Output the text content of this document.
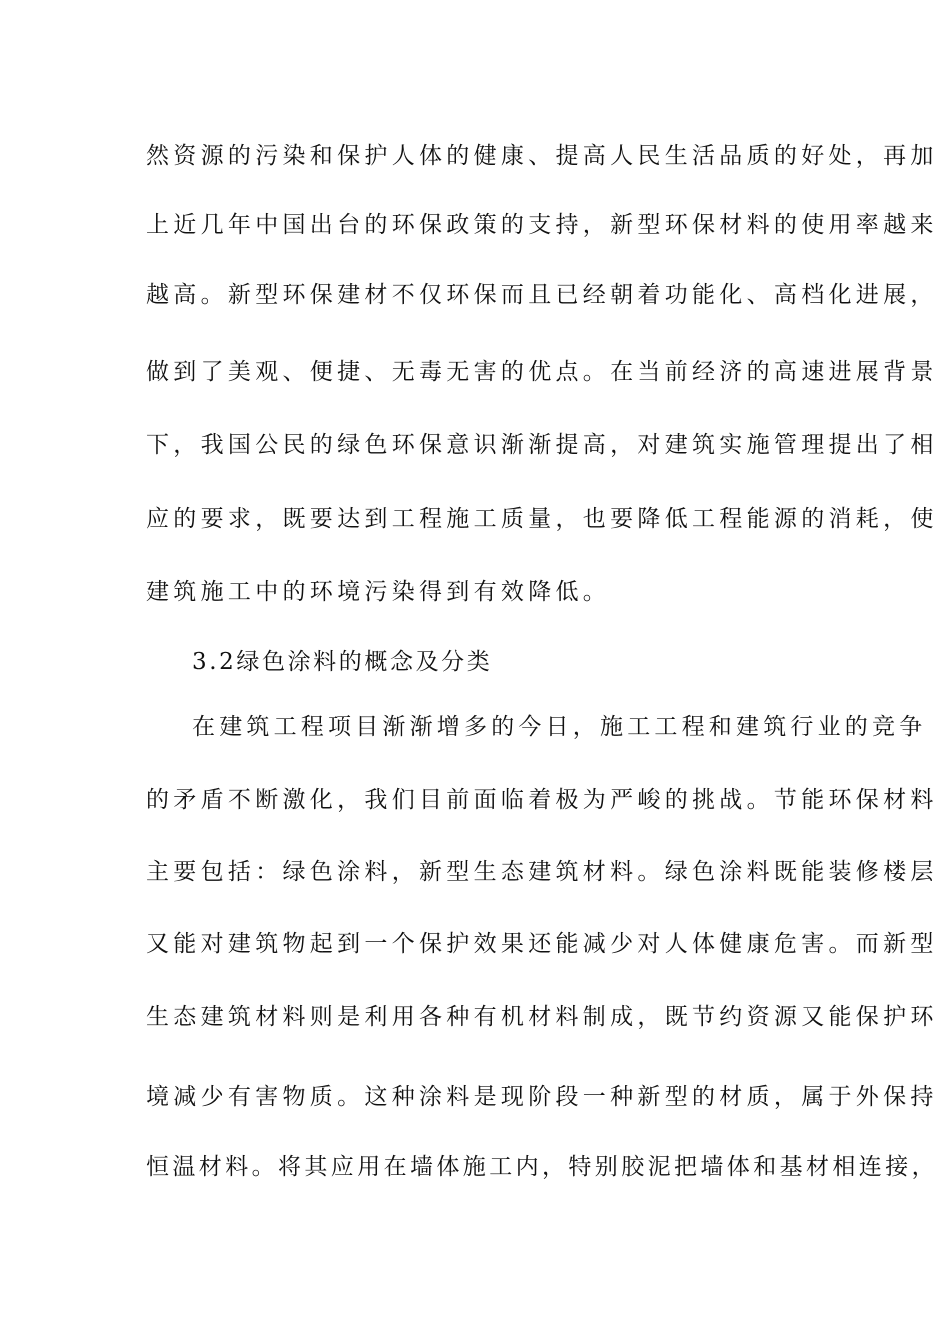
然资源的污染和保护人体的健康、提高人民生活品质的好处，再加
上近几年中国出台的环保政策的支持，新型环保材料的使用率越来
越高。新型环保建材不仅环保而且已经朝着功能化、高档化进展，
做到了美观、便捷、无毒无害的优点。在当前经济的高速进展背景
下，我国公民的绿色环保意识渐渐提高，对建筑实施管理提出了相
应的要求，既要达到工程施工质量，也要降低工程能源的消耗，使
建筑施工中的环境污染得到有效降低。
3.2绿色涂料的概念及分类
在建筑工程项目渐渐增多的今日，施工工程和建筑行业的竞争
的矛盾不断激化，我们目前面临着极为严峻的挑战。节能环保材料
主要包括：绿色涂料，新型生态建筑材料。绿色涂料既能装修楼层
又能对建筑物起到一个保护效果还能减少对人体健康危害。而新型
生态建筑材料则是利用各种有机材料制成，既节约资源又能保护环
境减少有害物质。这种涂料是现阶段一种新型的材质，属于外保持
恒温材料。将其应用在墙体施工内，特别胶泥把墙体和基材相连接，
